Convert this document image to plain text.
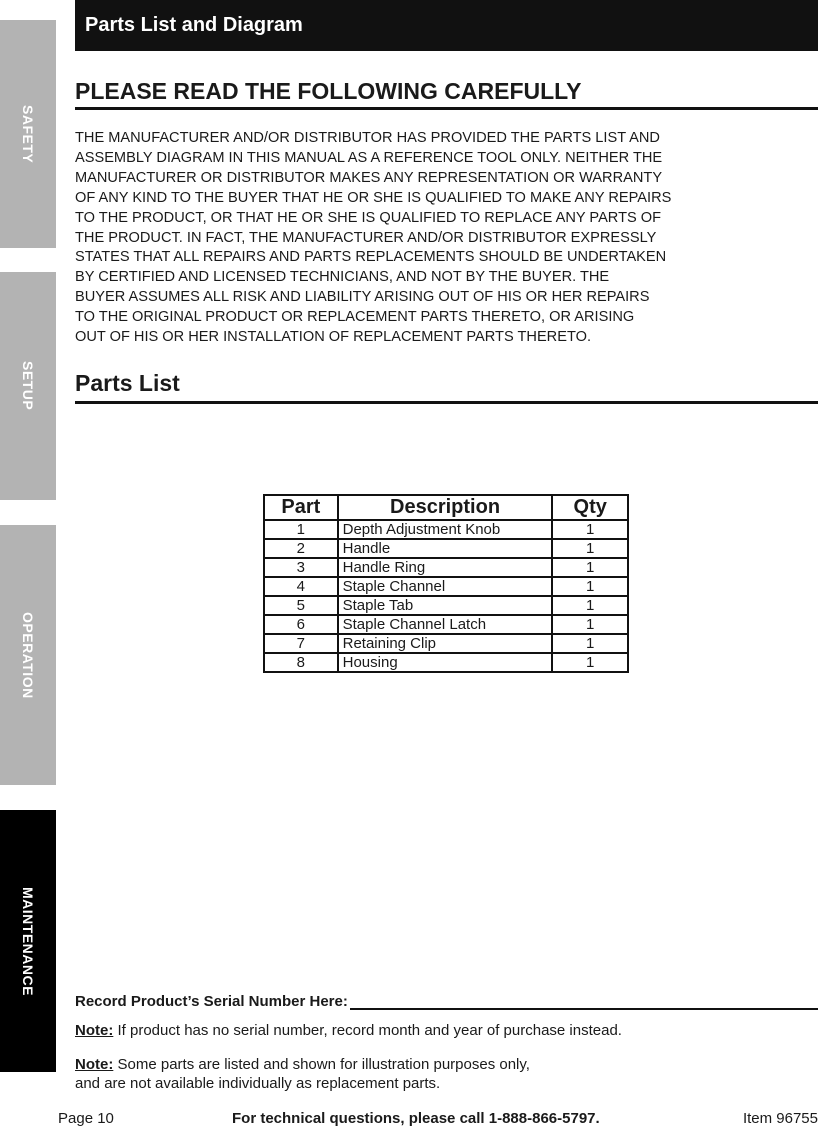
SAFETY
SETUP
OPERATION
MAINTENANCE
Parts List and Diagram
PLEASE READ THE FOLLOWING CAREFULLY

THE MANUFACTURER AND/OR DISTRIBUTOR HAS PROVIDED THE PARTS LIST AND
ASSEMBLY DIAGRAM IN THIS MANUAL AS A REFERENCE TOOL ONLY. NEITHER THE
MANUFACTURER OR DISTRIBUTOR MAKES ANY REPRESENTATION OR WARRANTY
OF ANY KIND TO THE BUYER THAT HE OR SHE IS QUALIFIED TO MAKE ANY REPAIRS
TO THE PRODUCT, OR THAT HE OR SHE IS QUALIFIED TO REPLACE ANY PARTS OF
THE PRODUCT. IN FACT, THE MANUFACTURER AND/OR DISTRIBUTOR EXPRESSLY
STATES THAT ALL REPAIRS AND PARTS REPLACEMENTS SHOULD BE UNDERTAKEN
BY CERTIFIED AND LICENSED TECHNICIANS, AND NOT BY THE BUYER. THE
BUYER ASSUMES ALL RISK AND LIABILITY ARISING OUT OF HIS OR HER REPAIRS
TO THE ORIGINAL PRODUCT OR REPLACEMENT PARTS THERETO, OR ARISING
OUT OF HIS OR HER INSTALLATION OF REPLACEMENT PARTS THERETO.

Parts List
Part	Description	Qty
1	Depth Adjustment Knob	1
2	Handle	1
3	Handle Ring	1
4	Staple Channel	1
5	Staple Tab	1
6	Staple Channel Latch	1
7	Retaining Clip	1
8	Housing	1
Record Product’s Serial Number Here:
Note: If product has no serial number, record month and year of purchase instead.
Note: Some parts are listed and shown for illustration purposes only,
and are not available individually as replacement parts.
Page 10	For technical questions, please call 1-888-866-5797.	Item 96755
